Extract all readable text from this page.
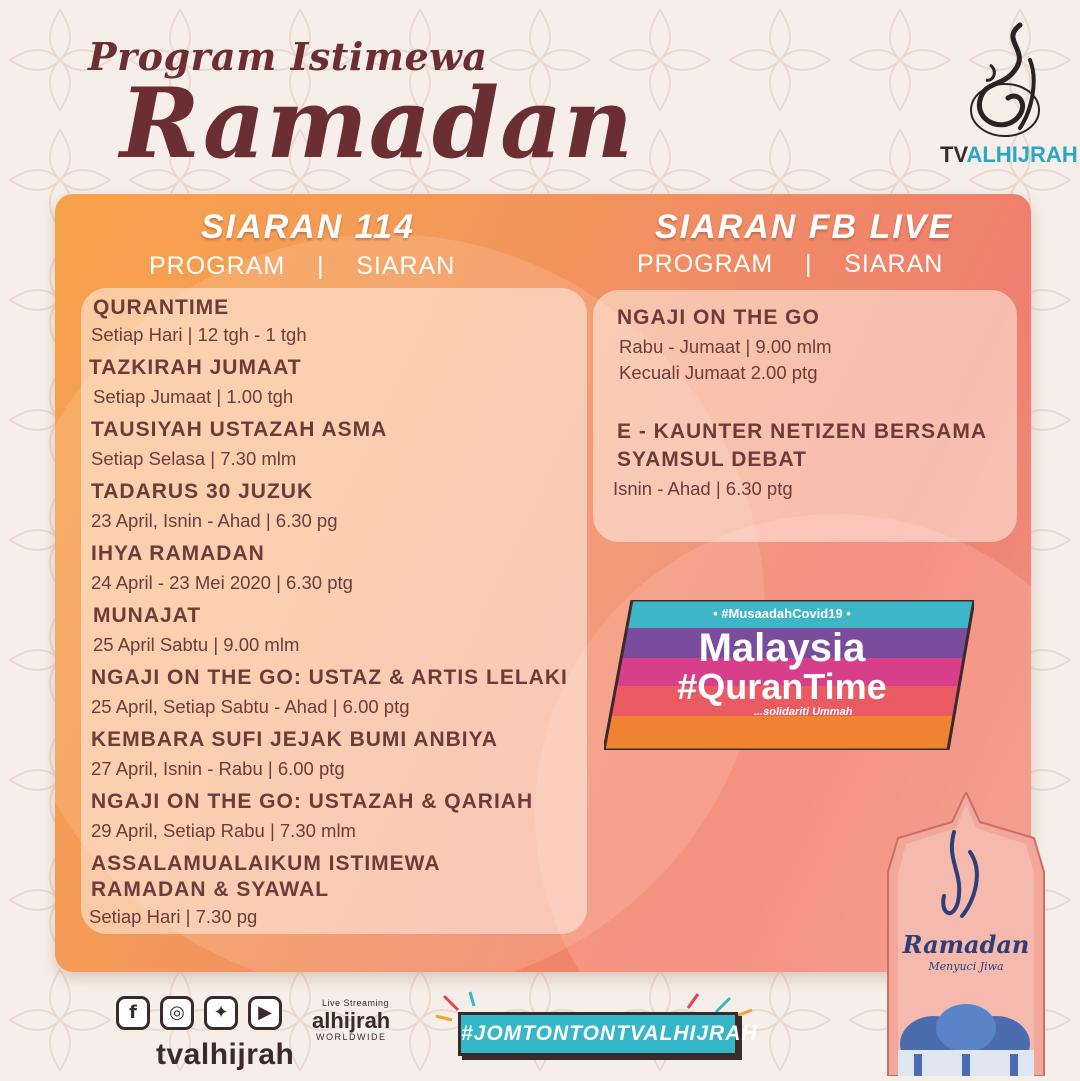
Program Istimewa
Ramadan	TVALHIJRAH
SIARAN 114
PROGRAM    |    SIARAN
SIARAN FB LIVE
PROGRAM    |    SIARAN
QURANTIME
Setiap Hari | 12 tgh - 1 tgh
TAZKIRAH JUMAAT
Setiap Jumaat | 1.00 tgh
TAUSIYAH USTAZAH ASMA
Setiap Selasa | 7.30 mlm
TADARUS 30 JUZUK
23 April, Isnin - Ahad | 6.30 pg
IHYA RAMADAN
24 April - 23 Mei 2020 | 6.30 ptg
MUNAJAT
25 April Sabtu | 9.00 mlm
NGAJI ON THE GO: USTAZ & ARTIS LELAKI
25 April, Setiap Sabtu - Ahad | 6.00 ptg
KEMBARA SUFI JEJAK BUMI ANBIYA
27 April, Isnin - Rabu | 6.00 ptg
NGAJI ON THE GO: USTAZAH & QARIAH
29 April, Setiap Rabu | 7.30 mlm
ASSALAMUALAIKUM ISTIMEWA
RAMADAN & SYAWAL
Setiap Hari | 7.30 pg
NGAJI ON THE GO
Rabu - Jumaat | 9.00 mlm
Kecuali Jumaat 2.00 ptg
E - KAUNTER NETIZEN BERSAMA
SYAMSUL DEBAT
Isnin - Ahad | 6.30 ptg
• #MusaadahCovid19 •
Malaysia
#QuranTime
...solidariti Ummah
f	◎	✦	▶	Live Streaming
alhijrah
WORLDWIDE
tvalhijrah
#JOMTONTONTVALHIJRAH
Ramadan
Menyuci Jiwa
